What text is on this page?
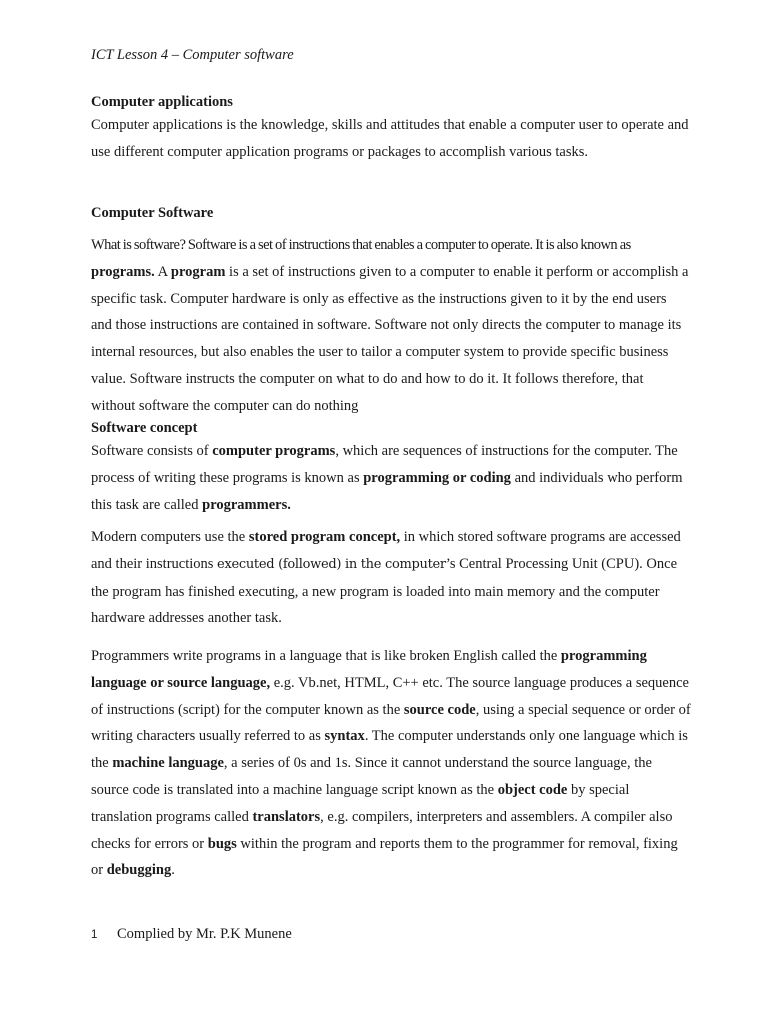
ICT Lesson 4 – Computer software

Computer applications

Computer applications is the knowledge, skills and attitudes that enable a computer user to operate and use different computer application programs or packages to accomplish various tasks.

Computer Software

What is software? Software is a set of instructions that enables a computer to operate. It is also known as programs. A program is a set of instructions given to a computer to enable it perform or accomplish a specific task. Computer hardware is only as effective as the instructions given to it by the end users and those instructions are contained in software. Software not only directs the computer to manage its internal resources, but also enables the user to tailor a computer system to provide specific business value. Software instructs the computer on what to do and how to do it. It follows therefore, that without software the computer can do nothing

Software concept

Software consists of computer programs, which are sequences of instructions for the computer. The process of writing these programs is known as programming or coding and individuals who perform this task are called programmers.

Modern computers use the stored program concept, in which stored software programs are accessed and their instructions executed (followed) in the computer’s Central Processing Unit (CPU). Once the program has finished executing, a new program is loaded into main memory and the computer hardware addresses another task.

Programmers write programs in a language that is like broken English called the programming language or source language, e.g. Vb.net, HTML, C++ etc. The source language produces a sequence of instructions (script) for the computer known as the source code, using a special sequence or order of writing characters usually referred to as syntax. The computer understands only one language which is the machine language, a series of 0s and 1s. Since it cannot understand the source language, the source code is translated into a machine language script known as the object code by special translation programs called translators, e.g. compilers, interpreters and assemblers. A compiler also checks for errors or bugs within the program and reports them to the programmer for removal, fixing or debugging.

1 Complied by Mr. P.K Munene
